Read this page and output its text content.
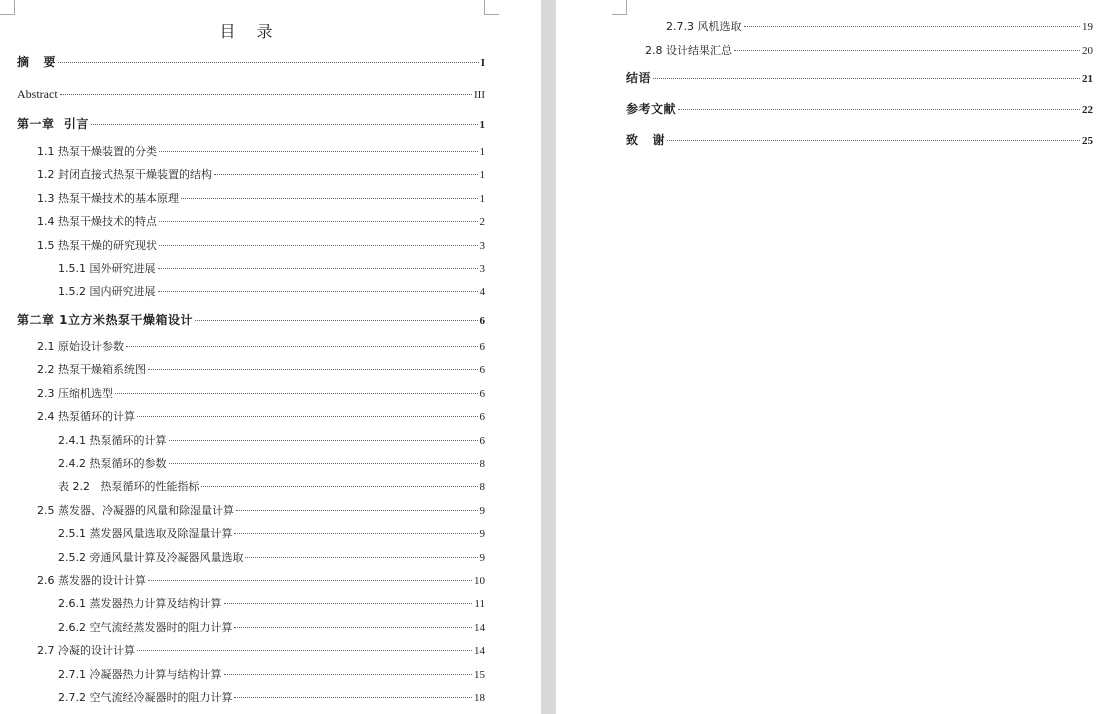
目 录
摘   要	I
Abstract	III
第一章  引言	1
1.1 热泵干燥装置的分类	1
1.2 封闭直接式热泵干燥装置的结构	1
1.3 热泵干燥技术的基本原理	1
1.4 热泵干燥技术的特点	2
1.5 热泵干燥的研究现状	3
1.5.1 国外研究进展	3
1.5.2 国内研究进展	4
第二章 1立方米热泵干燥箱设计	6
2.1 原始设计参数	6
2.2 热泵干燥箱系统图	6
2.3 压缩机选型	6
2.4 热泵循环的计算	6
2.4.1 热泵循环的计算	6
2.4.2 热泵循环的参数	8
表 2.2   热泵循环的性能指标	8
2.5 蒸发器、冷凝器的风量和除湿量计算	9
2.5.1 蒸发器风量选取及除湿量计算	9
2.5.2 旁通风量计算及冷凝器风量选取	9
2.6 蒸发器的设计计算	10
2.6.1 蒸发器热力计算及结构计算	11
2.6.2 空气流经蒸发器时的阻力计算	14
2.7 冷凝的设计计算	14
2.7.1 冷凝器热力计算与结构计算	15
2.7.2 空气流经冷凝器时的阻力计算	18
2.7.3 风机选取	19
2.8 设计结果汇总	20
结语	21
参考文献	22
致   谢	25
